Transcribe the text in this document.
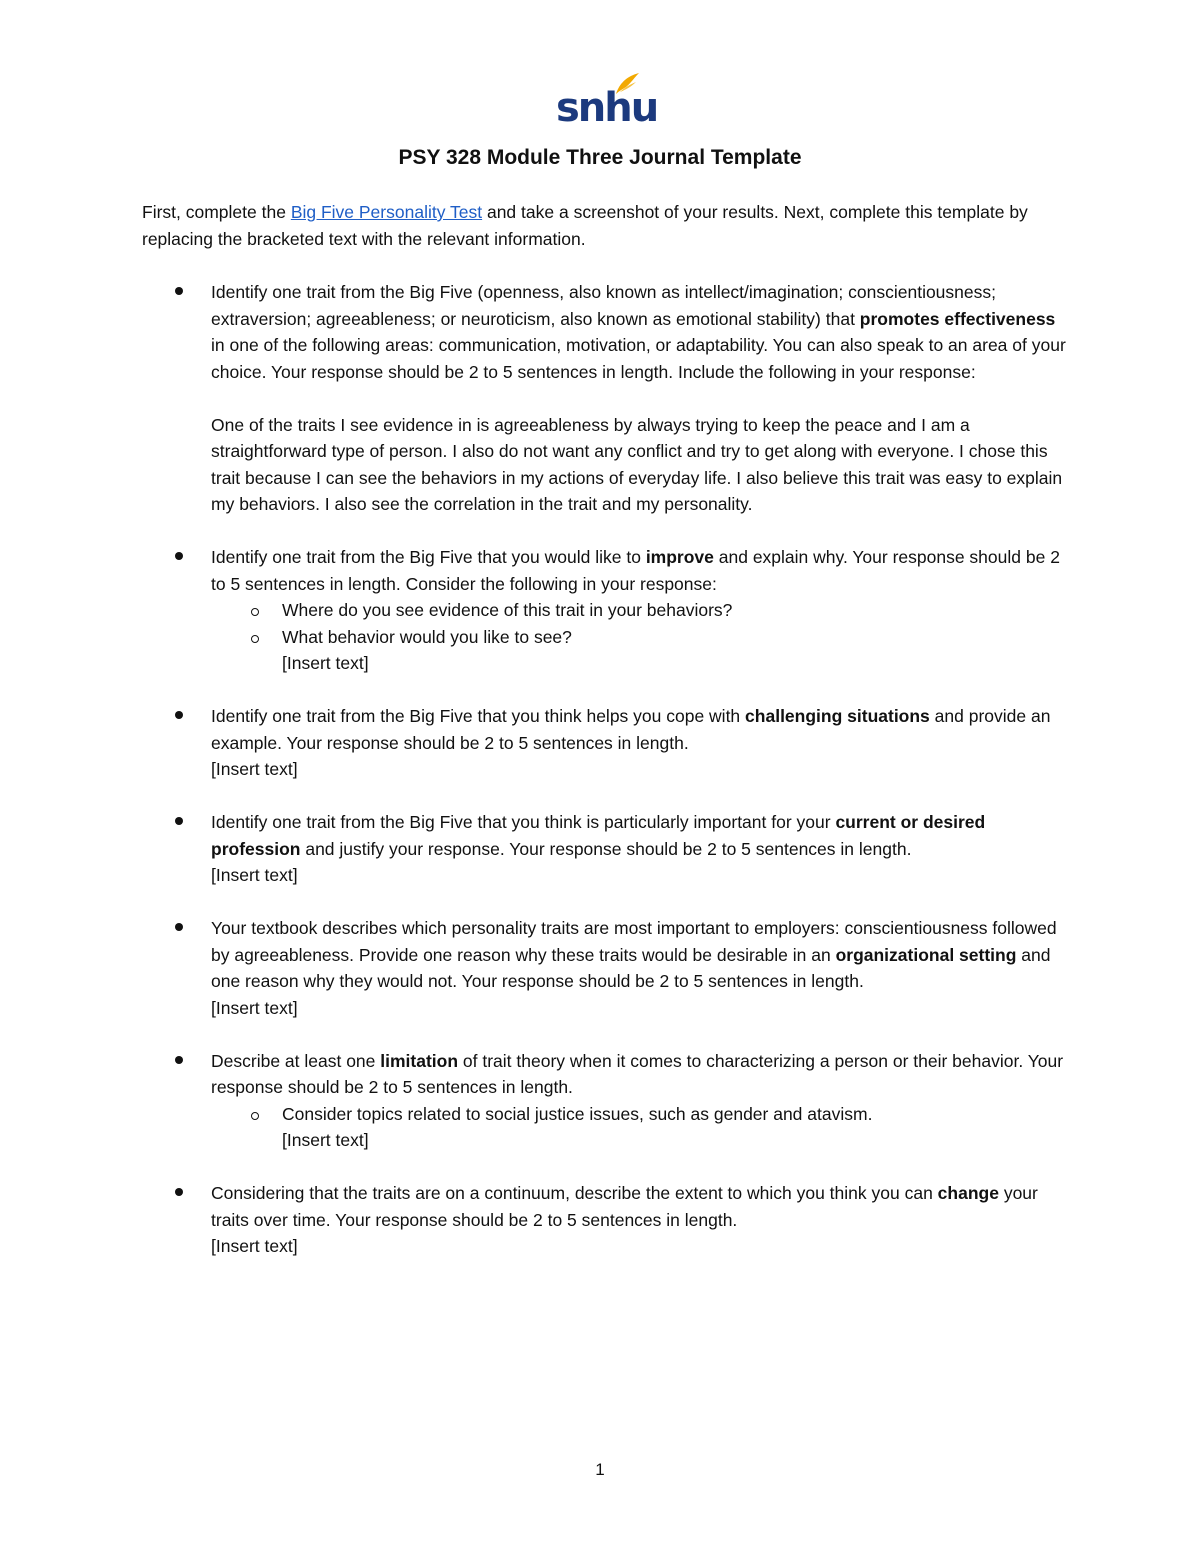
snhu
PSY 328 Module Three Journal Template

First, complete the Big Five Personality Test and take a screenshot of your results. Next, complete this template by replacing the bracketed text with the relevant information.

Identify one trait from the Big Five (openness, also known as intellect/imagination; conscientiousness; extraversion; agreeableness; or neuroticism, also known as emotional stability) that promotes effectiveness in one of the following areas: communication, motivation, or adaptability. You can also speak to an area of your choice. Your response should be 2 to 5 sentences in length. Include the following in your response:
One of the traits I see evidence in is agreeableness by always trying to keep the peace and I am a straightforward type of person. I also do not want any conflict and try to get along with everyone. I chose this trait because I can see the behaviors in my actions of everyday life. I also believe this trait was easy to explain my behaviors. I also see the correlation in the trait and my personality.
Identify one trait from the Big Five that you would like to improve and explain why. Your response should be 2 to 5 sentences in length. Consider the following in your response:
Where do you see evidence of this trait in your behaviors?
What behavior would you like to see?
[Insert text]
Identify one trait from the Big Five that you think helps you cope with challenging situations and provide an example. Your response should be 2 to 5 sentences in length.
[Insert text]
Identify one trait from the Big Five that you think is particularly important for your current or desired profession and justify your response. Your response should be 2 to 5 sentences in length.
[Insert text]
Your textbook describes which personality traits are most important to employers: conscientiousness followed by agreeableness. Provide one reason why these traits would be desirable in an organizational setting and one reason why they would not. Your response should be 2 to 5 sentences in length.
[Insert text]
Describe at least one limitation of trait theory when it comes to characterizing a person or their behavior. Your response should be 2 to 5 sentences in length.
Consider topics related to social justice issues, such as gender and atavism.
[Insert text]
Considering that the traits are on a continuum, describe the extent to which you think you can change your traits over time. Your response should be 2 to 5 sentences in length.
[Insert text]
1
